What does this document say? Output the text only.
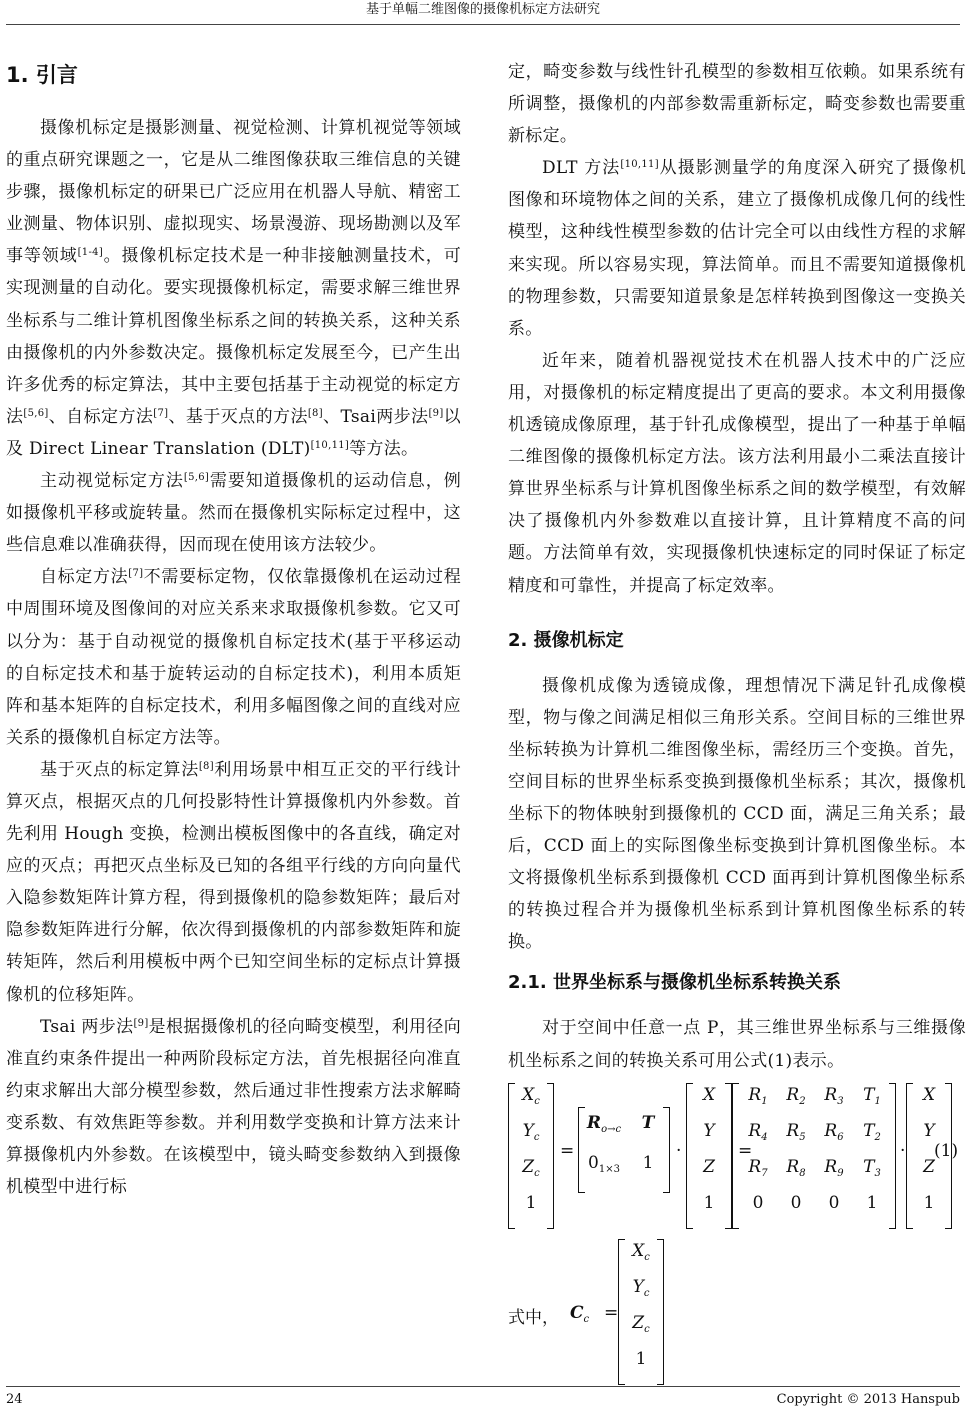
基于单幅二维图像的摄像机标定方法研究
1. 引言

摄像机标定是摄影测量、视觉检测、计算机视觉等领域的重点研究课题之一，它是从二维图像获取三维信息的关键步骤，摄像机标定的研果已广泛应用在机器人导航、精密工业测量、物体识别、虚拟现实、场景漫游、现场勘测以及军事等领域[1-4]。摄像机标定技术是一种非接触测量技术，可实现测量的自动化。要实现摄像机标定，需要求解三维世界坐标系与二维计算机图像坐标系之间的转换关系，这种关系由摄像机的内外参数决定。摄像机标定发展至今，已产生出许多优秀的标定算法，其中主要包括基于主动视觉的标定方法[5,6]、自标定方法[7]、基于灭点的方法[8]、Tsai两步法[9]以及 Direct Linear Translation (DLT)[10,11]等方法。

主动视觉标定方法[5,6]需要知道摄像机的运动信息，例如摄像机平移或旋转量。然而在摄像机实际标定过程中，这些信息难以准确获得，因而现在使用该方法较少。

自标定方法[7]不需要标定物，仅依靠摄像机在运动过程中周围环境及图像间的对应关系来求取摄像机参数。它又可以分为：基于自动视觉的摄像机自标定技术(基于平移运动的自标定技术和基于旋转运动的自标定技术)，利用本质矩阵和基本矩阵的自标定技术，利用多幅图像之间的直线对应关系的摄像机自标定方法等。

基于灭点的标定算法[8]利用场景中相互正交的平行线计算灭点，根据灭点的几何投影特性计算摄像机内外参数。首先利用 Hough 变换，检测出模板图像中的各直线，确定对应的灭点；再把灭点坐标及已知的各组平行线的方向向量代入隐参数矩阵计算方程，得到摄像机的隐参数矩阵；最后对隐参数矩阵进行分解，依次得到摄像机的内部参数矩阵和旋转矩阵，然后利用模板中两个已知空间坐标的定标点计算摄像机的位移矩阵。

Tsai 两步法[9]是根据摄像机的径向畸变模型，利用径向准直约束条件提出一种两阶段标定方法，首先根据径向准直约束求解出大部分模型参数，然后通过非性搜索方法求解畸变系数、有效焦距等参数。并利用数学变换和计算方法来计算摄像机内外参数。在该模型中，镜头畸变参数纳入到摄像机模型中进行标

定，畸变参数与线性针孔模型的参数相互依赖。如果系统有所调整，摄像机的内部参数需重新标定，畸变参数也需要重新标定。

DLT 方法[10,11]从摄影测量学的角度深入研究了摄像机图像和环境物体之间的关系，建立了摄像机成像几何的线性模型，这种线性模型参数的估计完全可以由线性方程的求解来实现。所以容易实现，算法简单。而且不需要知道摄像机的物理参数，只需要知道景象是怎样转换到图像这一变换关系。

近年来，随着机器视觉技术在机器人技术中的广泛应用，对摄像机的标定精度提出了更高的要求。本文利用摄像机透镜成像原理，基于针孔成像模型，提出了一种基于单幅二维图像的摄像机标定方法。该方法利用最小二乘法直接计算世界坐标系与计算机图像坐标系之间的数学模型，有效解决了摄像机内外参数难以直接计算，且计算精度不高的问题。方法简单有效，实现摄像机快速标定的同时保证了标定精度和可靠性，并提高了标定效率。

2. 摄像机标定

摄像机成像为透镜成像，理想情况下满足针孔成像模型，物与像之间满足相似三角形关系。空间目标的三维世界坐标转换为计算机二维图像坐标，需经历三个变换。首先，空间目标的世界坐标系变换到摄像机坐标系；其次，摄像机坐标下的物体映射到摄像机的 CCD 面，满足三角关系；最后，CCD 面上的实际图像坐标变换到计算机图像坐标。本文将摄像机坐标系到摄像机 CCD 面再到计算机图像坐标系的转换过程合并为摄像机坐标系到计算机图像坐标系的转换。

2.1. 世界坐标系与摄像机坐标系转换关系

对于空间中任意一点 P，其三维世界坐标系与三维摄像机坐标系之间的转换关系可用公式(1)表示。

$X_c$
$Y_c$
$Z_c$
1
=
$R_{o\to c}$	T
$0_{1\times 3}$	1
·
X
Y
Z
1
=
$R_1$	$R_2$	$R_3$	$T_1$
$R_4$	$R_5$	$R_6$	$T_2$
$R_7$	$R_8$	$R_9$	$T_3$
0	0	0	1
·
X
Y
Z
1
(1)
式中， $C_c$ =
$X_c$
$Y_c$
$Z_c$
1
24	Copyright © 2013 Hanspub
